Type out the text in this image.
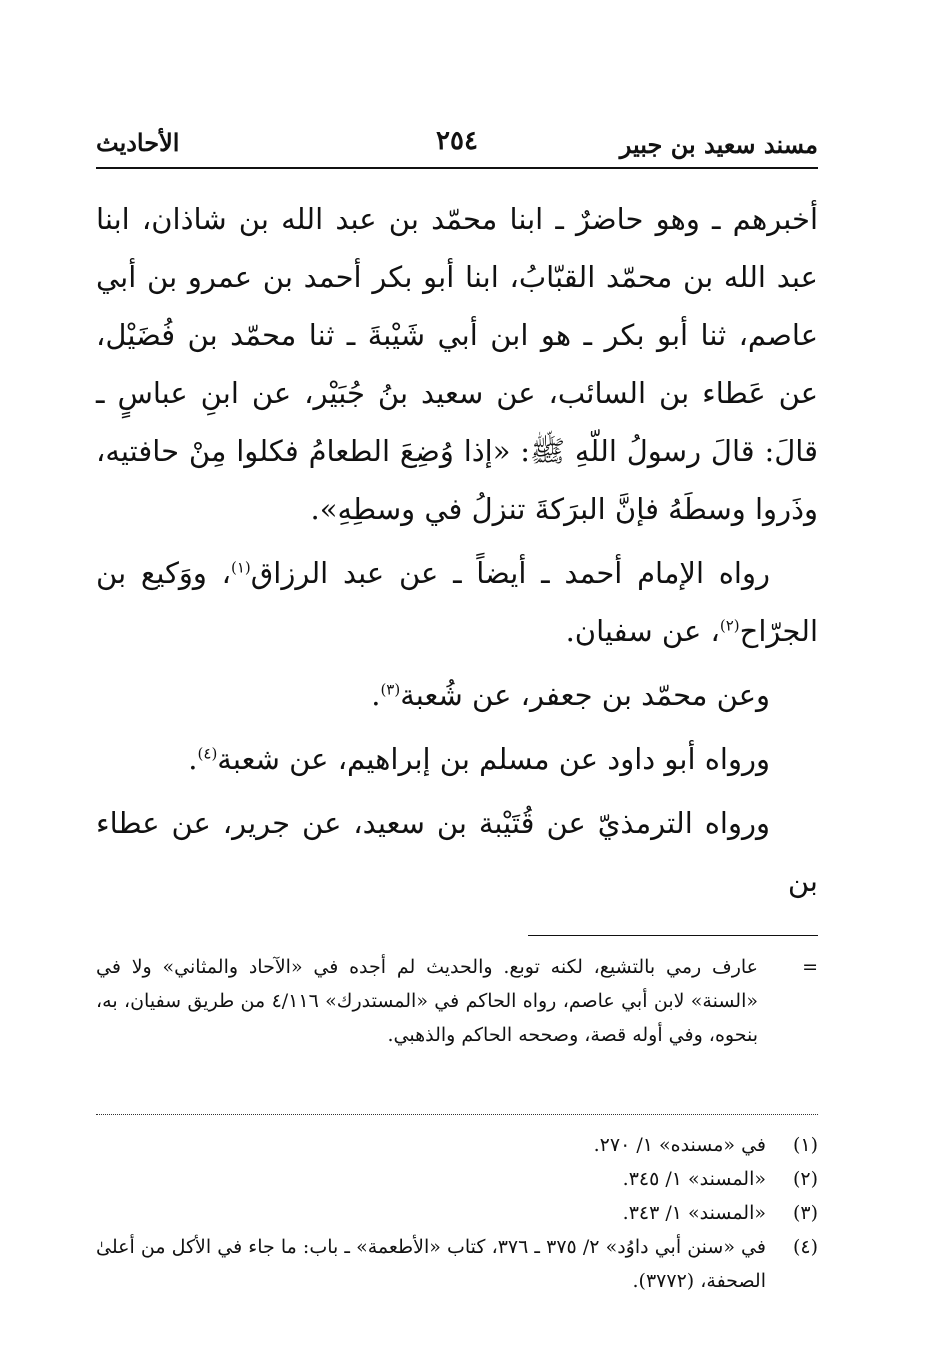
مسند سعيد بن جبير
٢٥٤
الأحاديث

أخبرهم ـ وهو حاضرٌ ـ ابنا محمّد بن عبد الله بن شاذان، ابنا عبد الله بن محمّد القبّابُ، ابنا أبو بكر أحمد بن عمرو بن أبي عاصم، ثنا أبو بكر ـ هو ابن أبي شَيْبةَ ـ ثنا محمّد بن فُضَيْل، عن عَطاء بن السائب، عن سعيد بنُ جُبَيْر، عن ابنِ عباسٍ ـ قالَ: قالَ رسولُ اللّهِ ﷺ: «إذا وُضِعَ الطعامُ فكلوا مِنْ حافتيه، وذَروا وسطَهُ فإنَّ البرَكةَ تنزلُ في وسطِهِ».

رواه الإمام أحمد ـ أيضاً ـ عن عبد الرزاق$^{(١)}$، ووَكيع بن الجرّاح$^{(٢)}$، عن سفيان.

وعن محمّد بن جعفر، عن شُعبة$^{(٣)}$.

ورواه أبو داود عن مسلم بن إبراهيم، عن شعبة$^{(٤)}$.

ورواه الترمذيّ عن قُتَيْبة بن سعيد، عن جرير، عن عطاء بن

=
عارف رمي بالتشيع، لكنه توبع. والحديث لم أجده في «الآحاد والمثاني» ولا في «السنة» لابن أبي عاصم، رواه الحاكم في «المستدرك» ٤/١١٦ من طريق سفيان، به، بنحوه، وفي أوله قصة، وصححه الحاكم والذهبي.
(١)
في «مسنده» ١/ ٢٧٠.
(٢)
«المسند» ١/ ٣٤٥.
(٣)
«المسند» ١/ ٣٤٣.
(٤)
في «سنن أبي داوُد» ٢/ ٣٧٥ ـ ٣٧٦، كتاب «الأطعمة» ـ باب: ما جاء في الأكل من أعلىٰ الصحفة، (٣٧٧٢).
